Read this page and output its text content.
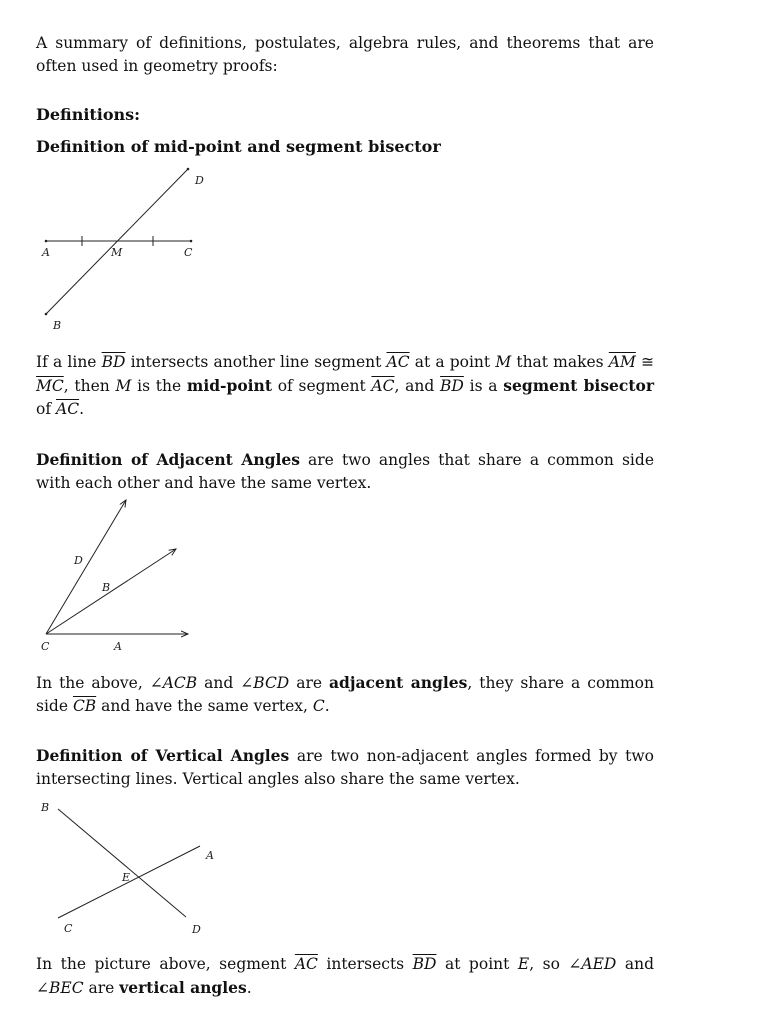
A summary of definitions, postulates, algebra rules, and theorems that are often used in geometry proofs:

Definitions:
Definition of mid-point and segment bisector
A	M	C
D
B

If a line $\overline{BD}$ intersects another line segment $\overline{AC}$ at a point M that makes $\overline{AM}$ ≅ $\overline{MC}$, then M is the mid-point of segment $\overline{AC}$, and $\overline{BD}$ is a segment bisector of $\overline{AC}$.

Definition of Adjacent Angles are two angles that share a common side with each other and have the same vertex.

D
B
C	A

In the above, ∠ACB and ∠BCD are adjacent angles, they share a common side $\overline{CB}$ and have the same vertex, C.

Definition of Vertical Angles are two non-adjacent angles formed by two intersecting lines. Vertical angles also share the same vertex.

B
A
E
C	D

In the picture above, segment $\overline{AC}$ intersects $\overline{BD}$ at point E, so ∠AED and ∠BEC are vertical angles.
